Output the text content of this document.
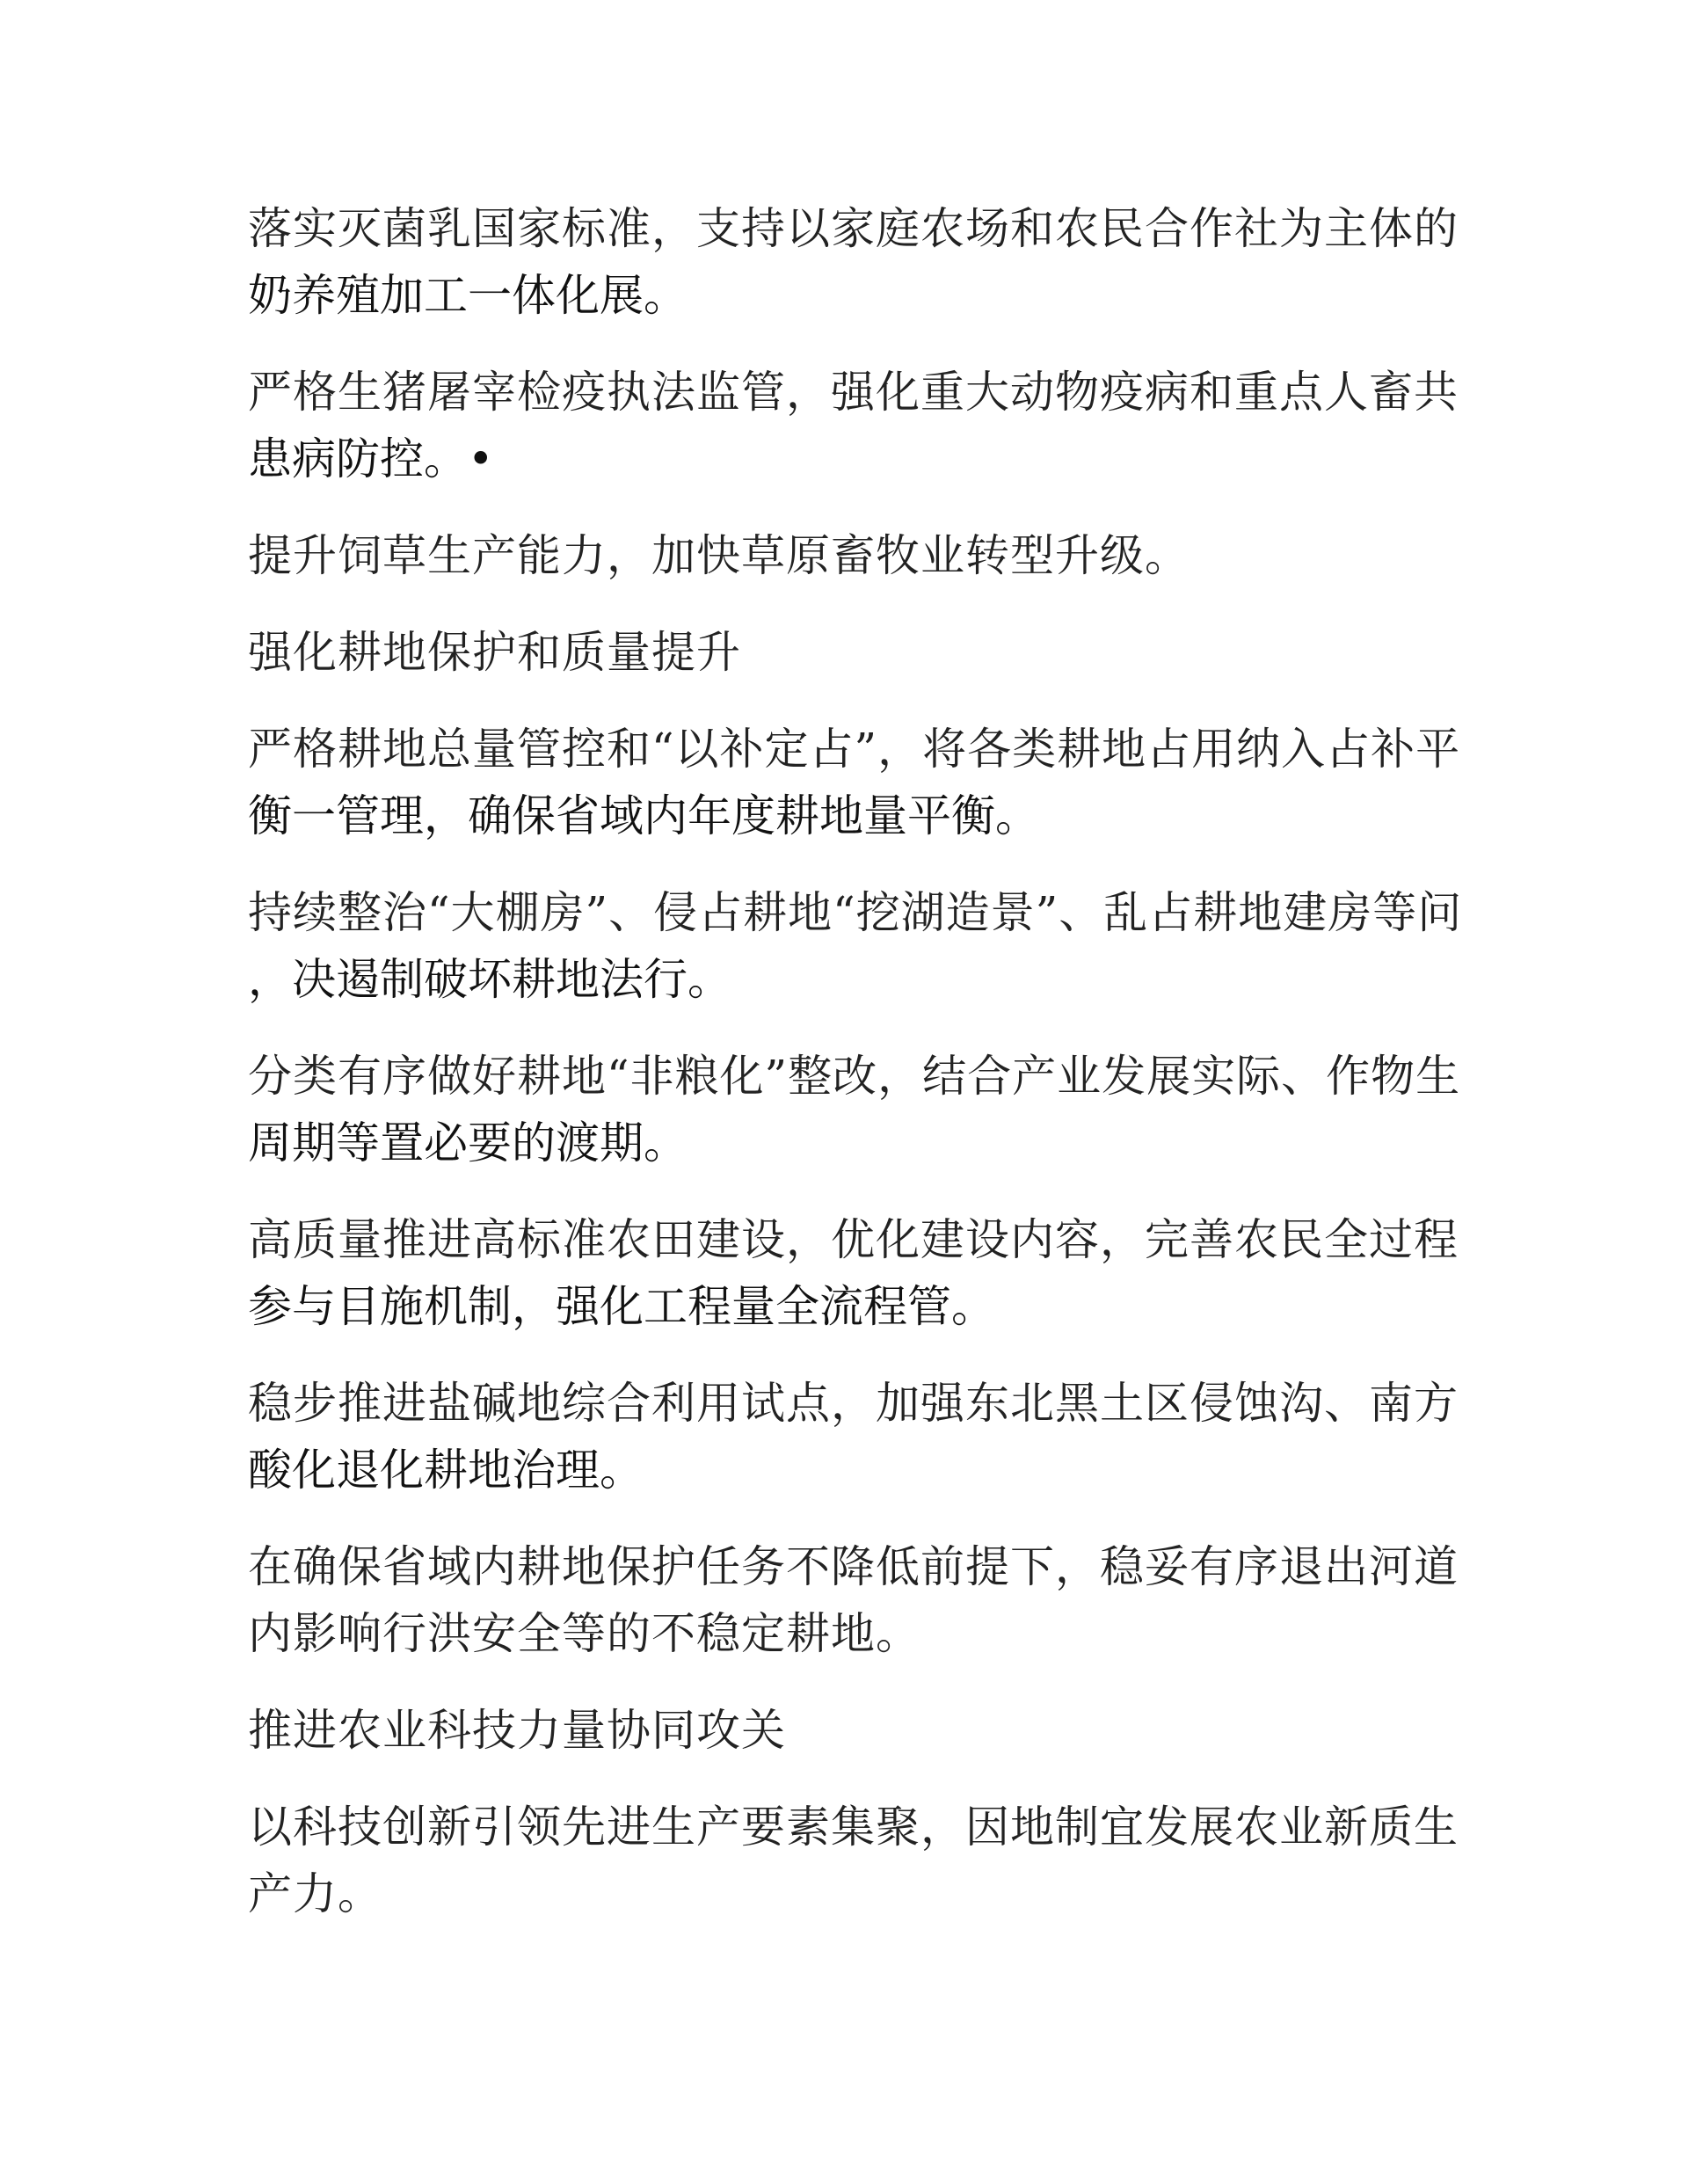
落实灭菌乳国家标准，支持以家庭农场和农民合作社为主体的
奶养殖加工一体化展。

严格生猪屠宰检疫执法监管，强化重大动物疫病和重点人畜共
患病防控。•

提升饲草生产能力，加快草原畜牧业转型升级。

强化耕地保护和质量提升

严格耕地总量管控和“以补定占”，将各类耕地占用纳入占补平
衡一管理，确保省域内年度耕地量平衡。

持续整治“大棚房”、侵占耕地“挖湖造景”、乱占耕地建房等问
，决遏制破坏耕地法行。

分类有序做好耕地“非粮化”整改，结合产业发展实际、作物生
周期等置必要的渡期。

高质量推进高标准农田建设，优化建设内容，完善农民全过程
参与目施机制，强化工程量全流程管。

稳步推进盐碱地综合利用试点，加强东北黑土区侵蚀沟、南方
酸化退化耕地治理。

在确保省域内耕地保护任务不降低前提下，稳妥有序退出河道
内影响行洪安全等的不稳定耕地。

推进农业科技力量协同攻关

以科技创新引领先进生产要素集聚，因地制宜发展农业新质生
产力。
